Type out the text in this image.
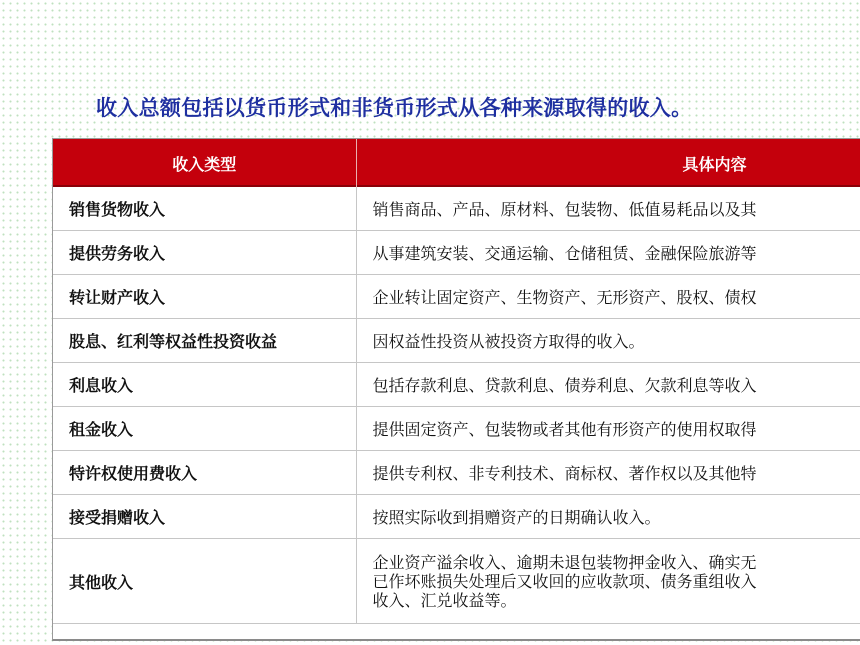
收入总额包括以货币形式和非货币形式从各种来源取得的收入。
收入类型	具体内容
销售货物收入	销售商品、产品、原材料、包装物、低值易耗品以及其
提供劳务收入	从事建筑安装、交通运输、仓储租赁、金融保险旅游等
转让财产收入	企业转让固定资产、生物资产、无形资产、股权、债权
股息、红利等权益性投资收益	因权益性投资从被投资方取得的收入。
利息收入	包括存款利息、贷款利息、债券利息、欠款利息等收入
租金收入	提供固定资产、包装物或者其他有形资产的使用权取得
特许权使用费收入	提供专利权、非专利技术、商标权、著作权以及其他特
接受捐赠收入	按照实际收到捐赠资产的日期确认收入。
其他收入	企业资产溢余收入、逾期未退包装物押金收入、确实无
已作坏账损失处理后又收回的应收款项、债务重组收入
收入、汇兑收益等。
